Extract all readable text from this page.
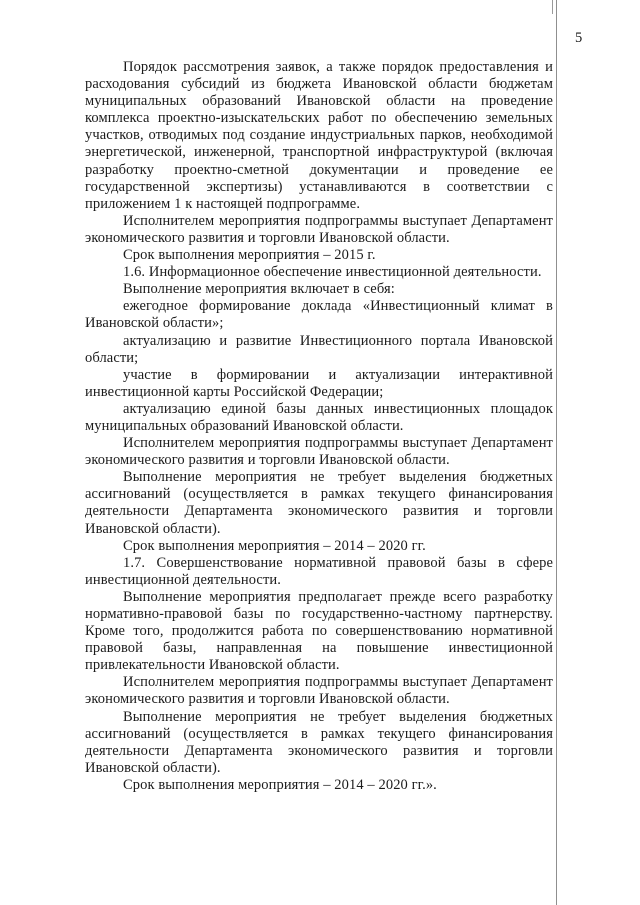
5

Порядок рассмотрения заявок, а также порядок предоставления и расходования субсидий из бюджета Ивановской области бюджетам муниципальных образований Ивановской области на проведение комплекса проектно-изыскательских работ по обеспечению земельных участков, отводимых под создание индустриальных парков, необходимой энергетической, инженерной, транспортной инфраструктурой (включая разработку проектно-сметной документации и проведение ее государственной экспертизы) устанавливаются в соответствии с приложением 1 к настоящей подпрограмме.

Исполнителем мероприятия подпрограммы выступает Департамент экономического развития и торговли Ивановской области.

Срок выполнения мероприятия – 2015 г.

1.6. Информационное обеспечение инвестиционной деятельности.

Выполнение мероприятия включает в себя:

ежегодное формирование доклада «Инвестиционный климат в Ивановской области»;

актуализацию и развитие Инвестиционного портала Ивановской области;

участие в формировании и актуализации интерактивной инвестиционной карты Российской Федерации;

актуализацию единой базы данных инвестиционных площадок муниципальных образований Ивановской области.

Исполнителем мероприятия подпрограммы выступает Департамент экономического развития и торговли Ивановской области.

Выполнение мероприятия не требует выделения бюджетных ассигнований (осуществляется в рамках текущего финансирования деятельности Департамента экономического развития и торговли Ивановской области).

Срок выполнения мероприятия – 2014 – 2020 гг.

1.7. Совершенствование нормативной правовой базы в сфере инвестиционной деятельности.

Выполнение мероприятия предполагает прежде всего разработку нормативно-правовой базы по государственно-частному партнерству. Кроме того, продолжится работа по совершенствованию нормативной правовой базы, направленная на повышение инвестиционной привлекательности Ивановской области.

Исполнителем мероприятия подпрограммы выступает Департамент экономического развития и торговли Ивановской области.

Выполнение мероприятия не требует выделения бюджетных ассигнований (осуществляется в рамках текущего финансирования деятельности Департамента экономического развития и торговли Ивановской области).

Срок выполнения мероприятия – 2014 – 2020 гг.».
